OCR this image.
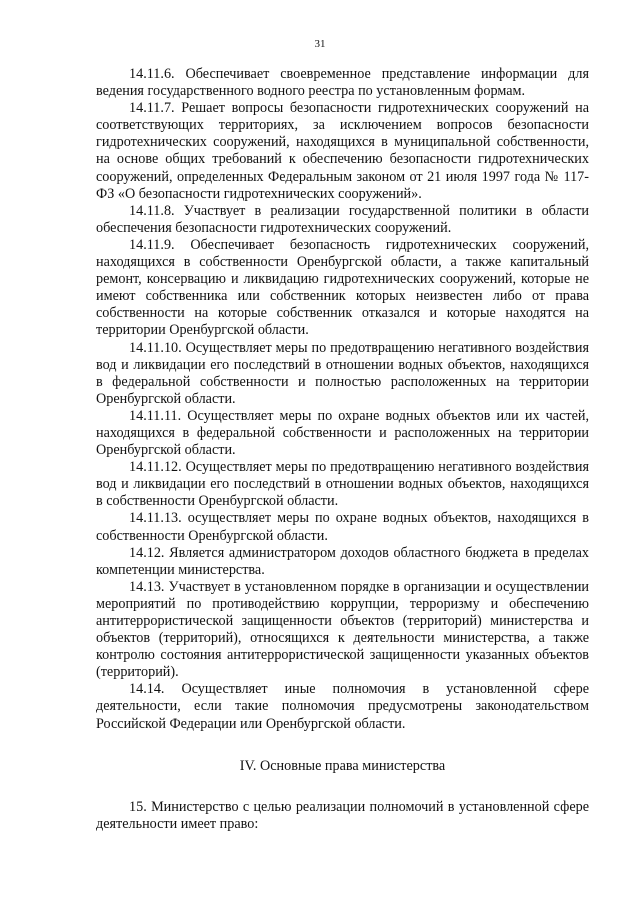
31

14.11.6. Обеспечивает своевременное представление информации для ведения государственного водного реестра по установленным формам.

14.11.7. Решает вопросы безопасности гидротехнических сооружений на соответствующих территориях, за исключением вопросов безопасности гидротехнических сооружений, находящихся в муниципальной собственности, на основе общих требований к обеспечению безопасности гидротехнических сооружений, определенных Федеральным законом от 21 июля 1997 года № 117-ФЗ «О безопасности гидротехнических сооружений».

14.11.8. Участвует в реализации государственной политики в области обеспечения безопасности гидротехнических сооружений.

14.11.9. Обеспечивает безопасность гидротехнических сооружений, находящихся в собственности Оренбургской области, а также капитальный ремонт, консервацию и ликвидацию гидротехнических сооружений, которые не имеют собственника или собственник которых неизвестен либо от права собственности на которые собственник отказался и которые находятся на территории Оренбургской области.

14.11.10. Осуществляет меры по предотвращению негативного воздействия вод и ликвидации его последствий в отношении водных объектов, находящихся в федеральной собственности и полностью расположенных на территории Оренбургской области.

14.11.11. Осуществляет меры по охране водных объектов или их частей, находящихся в федеральной собственности и расположенных на территории Оренбургской области.

14.11.12. Осуществляет меры по предотвращению негативного воздействия вод и ликвидации его последствий в отношении водных объектов, находящихся в собственности Оренбургской области.

14.11.13. осуществляет меры по охране водных объектов, находящихся в собственности Оренбургской области.

14.12. Является администратором доходов областного бюджета в пределах компетенции министерства.

14.13. Участвует в установленном порядке в организации и осуществлении мероприятий по противодействию коррупции, терроризму и обеспечению антитеррористической защищенности объектов (территорий) министерства и объектов (территорий), относящихся к деятельности министерства, а также контролю состояния антитеррористической защищенности указанных объектов (территорий).

14.14. Осуществляет иные полномочия в установленной сфере деятельности, если такие полномочия предусмотрены законодательством Российской Федерации или Оренбургской области.

IV. Основные права министерства

15. Министерство с целью реализации полномочий в установленной сфере деятельности имеет право:
